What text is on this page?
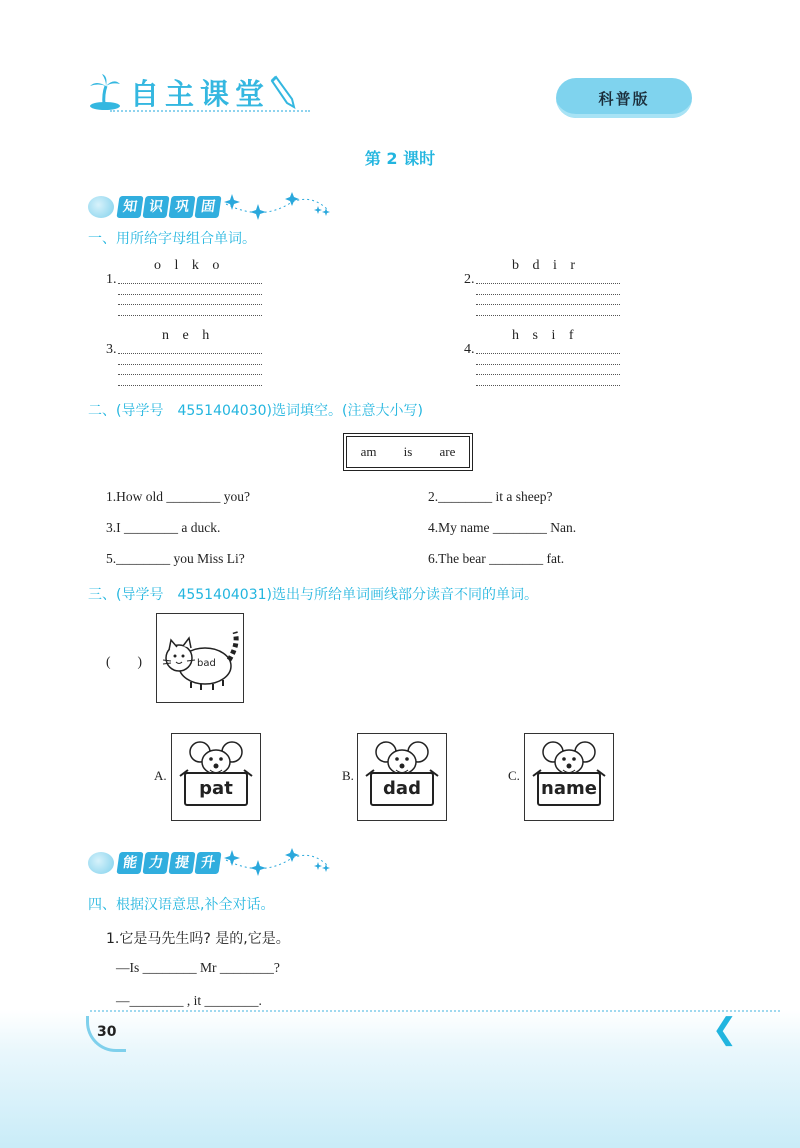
自主课堂	科普版
第 2 课时
知 识 巩 固
一、用所给字母组合单词。
o l k o
1.
b d i r
2.
n e h
3.
h s i f
4.
二、(导学号　4551404030)选词填空。(注意大小写)
am is are
1.How old ________ you?	2.________ it a sheep?
3.I ________ a duck.	4.My name ________ Nan.
5.________ you Miss Li?	6.The bear ________ fat.
三、(导学号　4551404031)选出与所给单词画线部分读音不同的单词。
(　　)	bad
A.
pat
B.
dad
C.
name
能 力 提 升
四、根据汉语意思,补全对话。
1.它是马先生吗? 是的,它是。
—Is ________ Mr ________?
—________ , it ________.
30	❮
